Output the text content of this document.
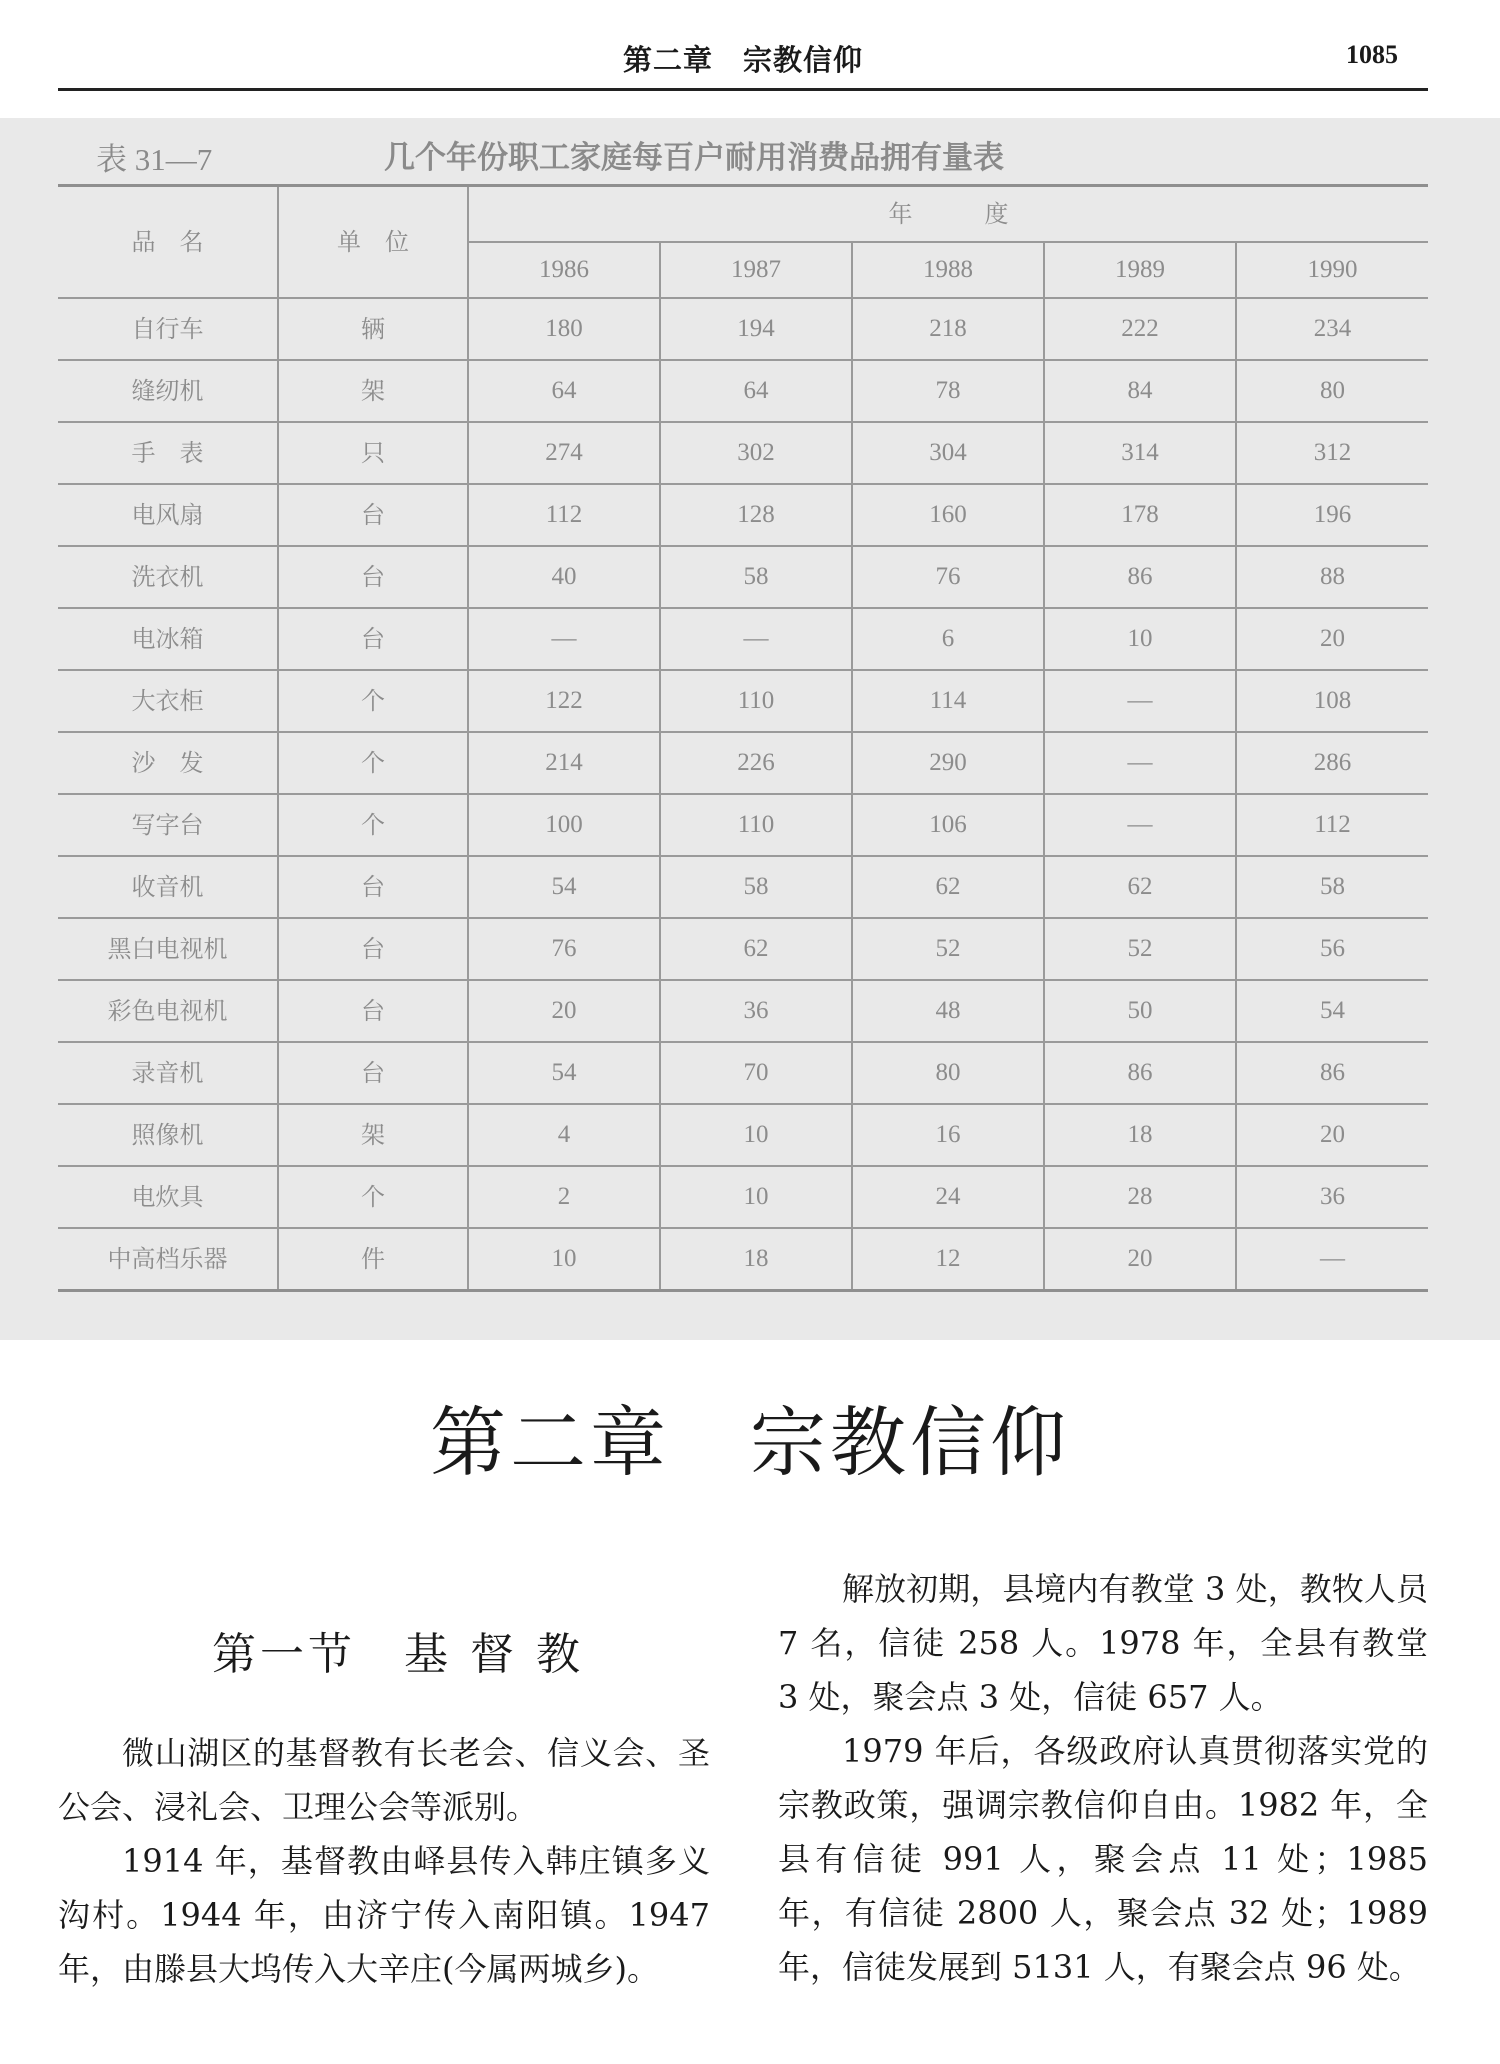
第二章　宗教信仰	1085
表 31—7	几个年份职工家庭每百户耐用消费品拥有量表
品　名	单　位	年　　　度				
		1986	1987	1988	1989	1990
自行车	辆	180	194	218	222	234
缝纫机	架	64	64	78	84	80
手　表	只	274	302	304	314	312
电风扇	台	112	128	160	178	196
洗衣机	台	40	58	76	86	88
电冰箱	台	—	—	6	10	20
大衣柜	个	122	110	114	—	108
沙　发	个	214	226	290	—	286
写字台	个	100	110	106	—	112
收音机	台	54	58	62	62	58
黑白电视机	台	76	62	52	52	56
彩色电视机	台	20	36	48	50	54
录音机	台	54	70	80	86	86
照像机	架	4	10	16	18	20
电炊具	个	2	10	24	28	36
中高档乐器	件	10	18	12	20	—
第二章　宗教信仰
第一节　基 督 教

微山湖区的基督教有长老会、信义会、圣公会、浸礼会、卫理公会等派别。

1914 年，基督教由峄县传入韩庄镇多义沟村。1944 年，由济宁传入南阳镇。1947 年，由滕县大坞传入大辛庄(今属两城乡)。

解放初期，县境内有教堂 3 处，教牧人员 7 名，信徒 258 人。1978 年，全县有教堂 3 处，聚会点 3 处，信徒 657 人。

1979 年后，各级政府认真贯彻落实党的宗教政策，强调宗教信仰自由。1982 年，全县有信徒 991 人，聚会点 11 处；1985 年，有信徒 2800 人，聚会点 32 处；1989 年，信徒发展到 5131 人，有聚会点 96 处。
